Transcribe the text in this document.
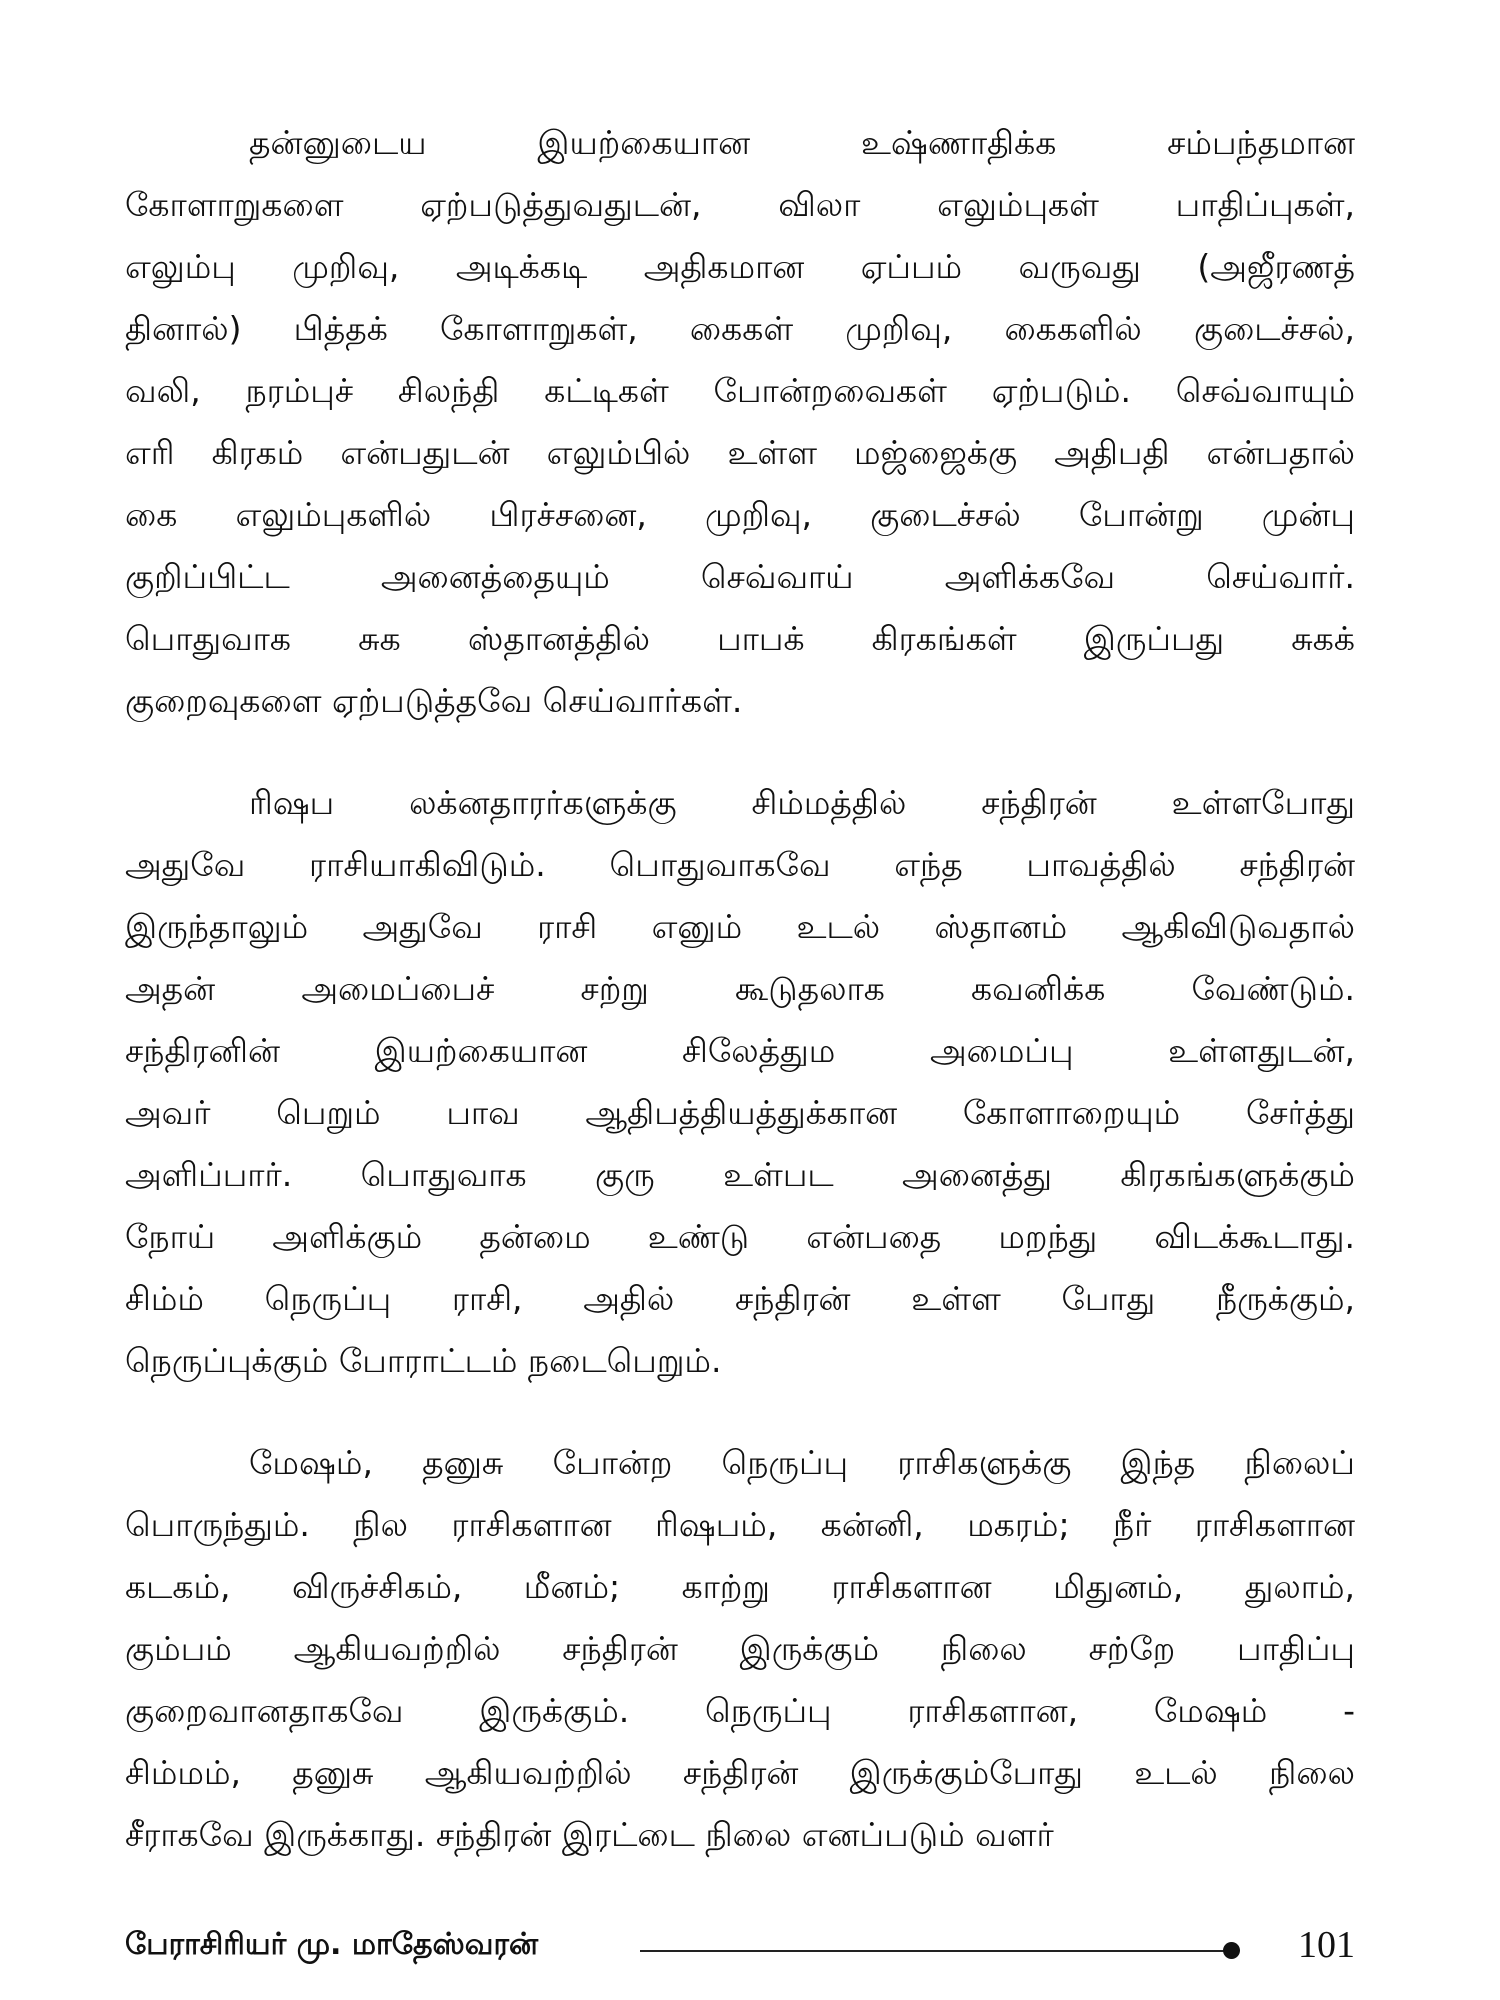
தன்னுடைய இயற்கையான உஷ்ணாதிக்க சம்பந்தமான
கோளாறுகளை ஏற்படுத்துவதுடன், விலா எலும்புகள் பாதிப்புகள்,
எலும்பு முறிவு, அடிக்கடி அதிகமான ஏப்பம் வருவது (அஜீரணத்
தினால்) பித்தக் கோளாறுகள், கைகள் முறிவு, கைகளில் குடைச்சல்,
வலி, நரம்புச் சிலந்தி கட்டிகள் போன்றவைகள் ஏற்படும். செவ்வாயும்
எரி கிரகம் என்பதுடன் எலும்பில் உள்ள மஜ்ஜைக்கு அதிபதி என்பதால்
கை எலும்புகளில் பிரச்சனை, முறிவு, குடைச்சல் போன்று முன்பு
குறிப்பிட்ட அனைத்தையும் செவ்வாய் அளிக்கவே செய்வார்.
பொதுவாக சுக ஸ்தானத்தில் பாபக் கிரகங்கள் இருப்பது சுகக்
குறைவுகளை ஏற்படுத்தவே செய்வார்கள்.
ரிஷப லக்னதாரர்களுக்கு சிம்மத்தில் சந்திரன் உள்ளபோது
அதுவே ராசியாகிவிடும். பொதுவாகவே எந்த பாவத்தில் சந்திரன்
இருந்தாலும் அதுவே ராசி எனும் உடல் ஸ்தானம் ஆகிவிடுவதால்
அதன் அமைப்பைச் சற்று கூடுதலாக கவனிக்க வேண்டும்.
சந்திரனின் இயற்கையான சிலேத்தும அமைப்பு உள்ளதுடன்,
அவர் பெறும் பாவ ஆதிபத்தியத்துக்கான கோளாறையும் சேர்த்து
அளிப்பார். பொதுவாக குரு உள்பட அனைத்து கிரகங்களுக்கும்
நோய் அளிக்கும் தன்மை உண்டு என்பதை மறந்து விடக்கூடாது.
சிம்ம் நெருப்பு ராசி, அதில் சந்திரன் உள்ள போது நீருக்கும்,
நெருப்புக்கும் போராட்டம் நடைபெறும்.
மேஷம், தனுசு போன்ற நெருப்பு ராசிகளுக்கு இந்த நிலைப்
பொருந்தும். நில ராசிகளான ரிஷபம், கன்னி, மகரம்; நீர் ராசிகளான
கடகம், விருச்சிகம், மீனம்; காற்று ராசிகளான மிதுனம், துலாம்,
கும்பம் ஆகியவற்றில் சந்திரன் இருக்கும் நிலை சற்றே பாதிப்பு
குறைவானதாகவே இருக்கும். நெருப்பு ராசிகளான, மேஷம் -
சிம்மம், தனுசு ஆகியவற்றில் சந்திரன் இருக்கும்போது உடல் நிலை
சீராகவே இருக்காது. சந்திரன் இரட்டை நிலை எனப்படும் வளர்
பேராசிரியர் மு. மாதேஸ்வரன்	101
